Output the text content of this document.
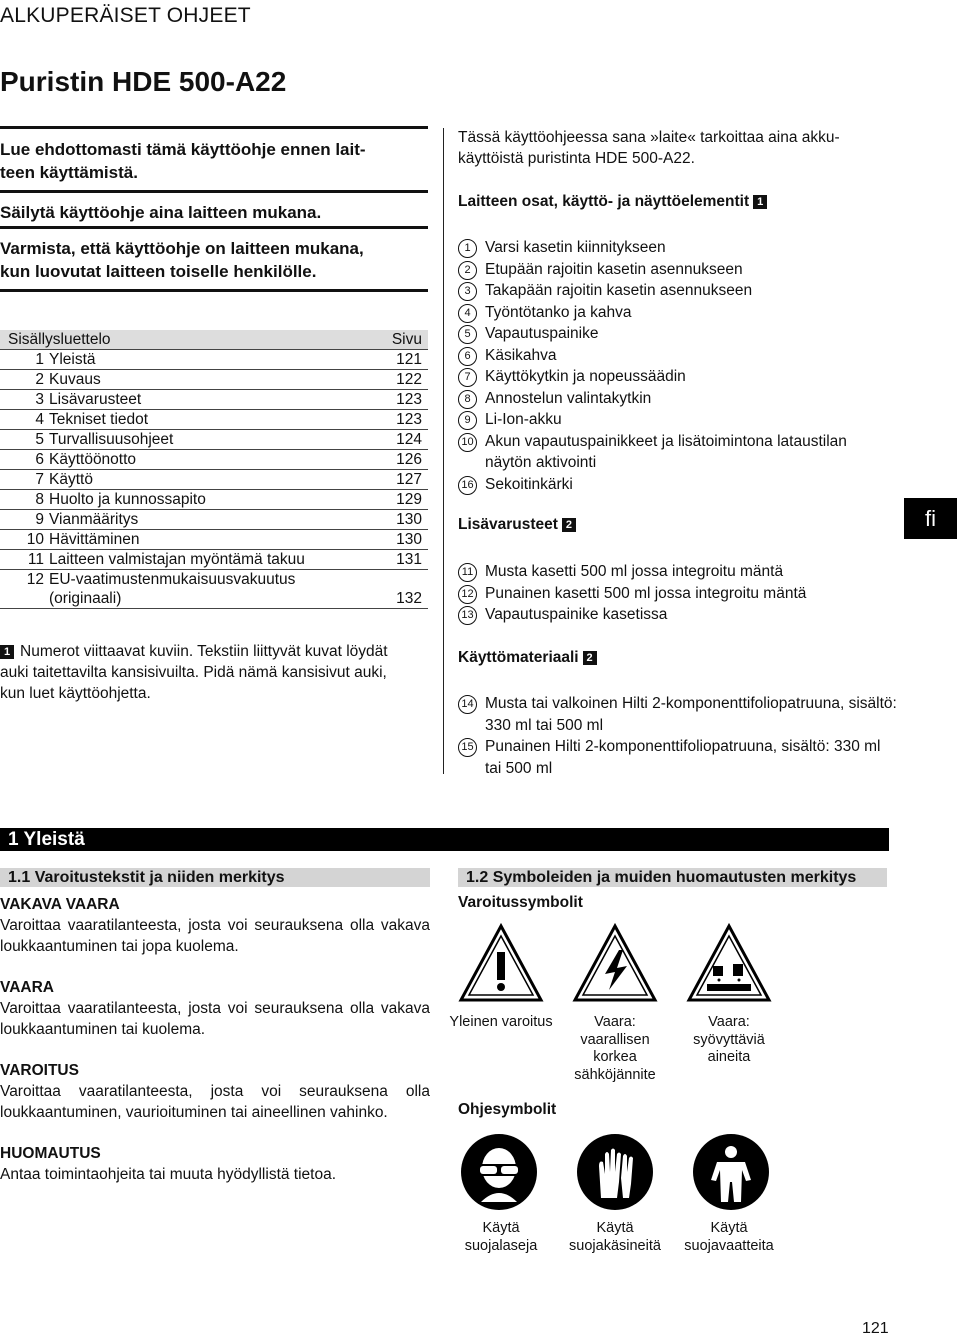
ALKUPERÄISET OHJEET
Puristin HDE 500-A22
Lue ehdottomasti tämä käyttöohje ennen lait-
teen käyttämistä.
Säilytä käyttöohje aina laitteen mukana.
Varmista, että käyttöohje on laitteen mukana,
kun luovutat laitteen toiselle henkilölle.
Sisällysluettelo	Sivu
1 Yleistä	121
2 Kuvaus	122
3 Lisävarusteet	123
4 Tekniset tiedot	123
5 Turvallisuusohjeet	124
6 Käyttöönotto	126
7 Käyttö	127
8 Huolto ja kunnossapito	129
9 Vianmääritys	130
10 Hävittäminen	130
11 Laitteen valmistajan myöntämä takuu	131
12 EU-vaatimustenmukaisuusvakuutus
(originaali)	132
1 Numerot viittaavat kuviin. Tekstiin liittyvät kuvat löydät
auki taitettavilta kansisivuilta. Pidä nämä kansisivut auki,
kun luet käyttöohjetta.
Tässä käyttöohjeessa sana »laite« tarkoittaa aina akku-
käyttöistä puristinta HDE 500-A22.
Laitteen osat, käyttö- ja näyttöelementit 1
1 Varsi kasetin kiinnitykseen
2 Etupään rajoitin kasetin asennukseen
3 Takapään rajoitin kasetin asennukseen
4 Työntötanko ja kahva
5 Vapautuspainike
6 Käsikahva
7 Käyttökytkin ja nopeussäädin
8 Annostelun valintakytkin
9 Li-Ion-akku
10 Akun vapautuspainikkeet ja lisätoimintona lataustilan näytön aktivointi
16 Sekoitinkärki
Lisävarusteet 2
11 Musta kasetti 500 ml jossa integroitu mäntä
12 Punainen kasetti 500 ml jossa integroitu mäntä
13 Vapautuspainike kasetissa
Käyttömateriaali 2
14 Musta tai valkoinen Hilti 2-komponenttifoliopatruuna, sisältö: 330 ml tai 500 ml
15 Punainen Hilti 2-komponenttifoliopatruuna, sisältö: 330 ml tai 500 ml
fi
1 Yleistä
1.1 Varoitustekstit ja niiden merkitys	1.2 Symboleiden ja muiden huomautusten merkitys
VAKAVA VAARA
Varoittaa vaaratilanteesta, josta voi seurauksena olla vakava loukkaantuminen tai jopa kuolema.
VAARA
Varoittaa vaaratilanteesta, josta voi seurauksena olla vakava loukkaantuminen tai kuolema.
VAROITUS
Varoittaa vaaratilanteesta, josta voi seurauksena olla loukkaantuminen, vaurioituminen tai aineellinen vahinko.
HUOMAUTUS
Antaa toimintaohjeita tai muuta hyödyllistä tietoa.
Varoitussymbolit
Yleinen varoitus	Vaara: vaarallisen korkea sähköjännite
Vaara: syövyttäviä aineita
Ohjesymbolit
Käytä suojalaseja
Käytä suojakäsineitä
Käytä suojavaatteita
121
